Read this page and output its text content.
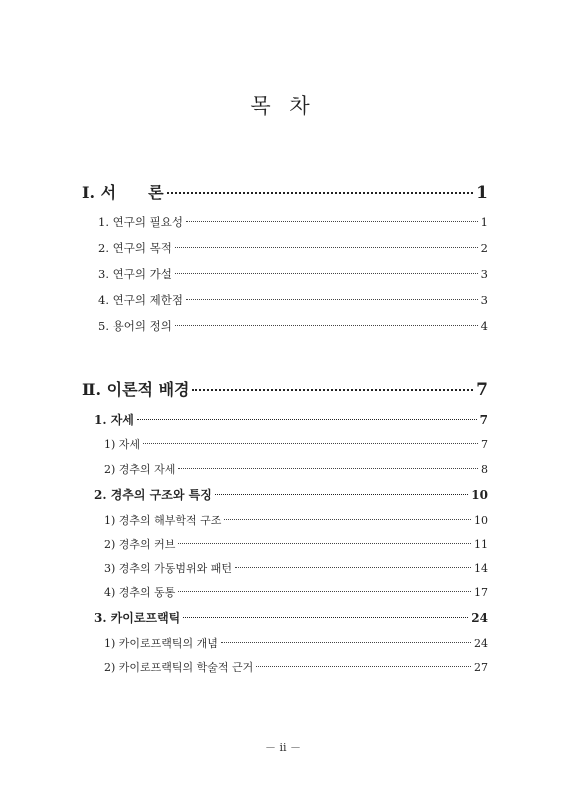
목 차
Ⅰ. 서　　론	1
1. 연구의 필요성	1
2. 연구의 목적	2
3. 연구의 가설	3
4. 연구의 제한점	3
5. 용어의 정의	4
Ⅱ. 이론적 배경	7
1. 자세	7
1) 자세	7
2) 경추의 자세	8
2. 경추의 구조와 특징	10
1) 경추의 해부학적 구조	10
2) 경추의 커브	11
3) 경추의 가동범위와 패턴	14
4) 경추의 동통	17
3. 카이로프랙틱	24
1) 카이로프랙틱의 개념	24
2) 카이로프랙틱의 학술적 근거	27
－ ii －
